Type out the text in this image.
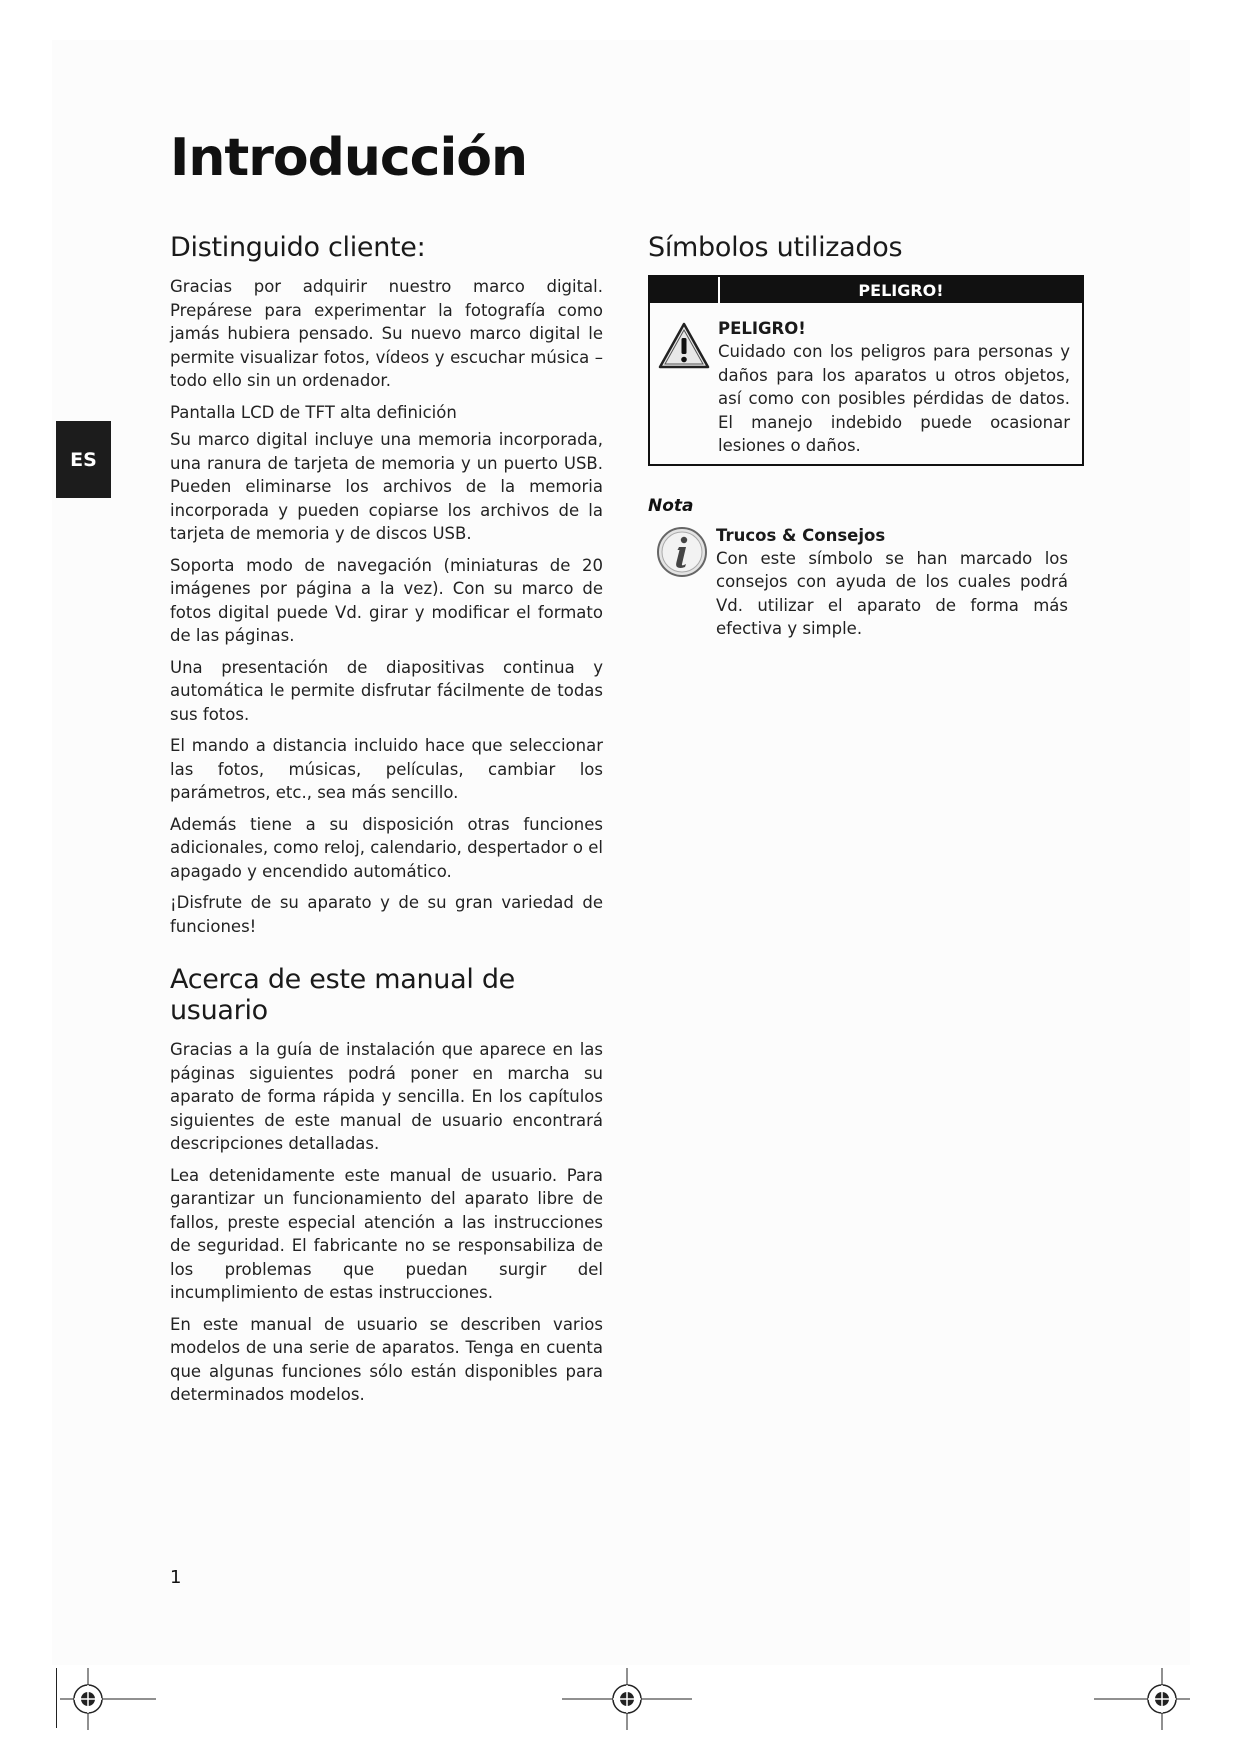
Introducción
ES
Distinguido cliente:

Gracias por adquirir nuestro marco digital. Prepárese para experimentar la fotografía como jamás hubiera pensado. Su nuevo marco digital le permite visualizar fotos, vídeos y escuchar música – todo ello sin un ordenador.

Pantalla LCD de TFT alta definición

Su marco digital incluye una memoria incorporada, una ranura de tarjeta de memoria y un puerto USB. Pueden eliminarse los archivos de la memoria incorporada y pueden copiarse los archivos de la tarjeta de memoria y de discos USB.

Soporta modo de navegación (miniaturas de 20 imágenes por página a la vez). Con su marco de fotos digital puede Vd. girar y modificar el formato de las páginas.

Una presentación de diapositivas continua y automática le permite disfrutar fácilmente de todas sus fotos.

El mando a distancia incluido hace que seleccionar las fotos, músicas, películas, cambiar los parámetros, etc., sea más sencillo.

Además tiene a su disposición otras funciones adicionales, como reloj, calendario, despertador o el apagado y encendido automático.

¡Disfrute de su aparato y de su gran variedad de funciones!

Acerca de este manual de usuario

Gracias a la guía de instalación que aparece en las páginas siguientes podrá poner en marcha su aparato de forma rápida y sencilla. En los capítulos siguientes de este manual de usuario encontrará descripciones detalladas.

Lea detenidamente este manual de usuario. Para garantizar un funcionamiento del aparato libre de fallos, preste especial atención a las instrucciones de seguridad. El fabricante no se responsabiliza de los problemas que puedan surgir del incumplimiento de estas instrucciones.

En este manual de usuario se describen varios modelos de una serie de aparatos. Tenga en cuenta que algunas funciones sólo están disponibles para determinados modelos.

Símbolos utilizados
PELIGRO!
PELIGRO!

Cuidado con los peligros para personas y daños para los aparatos u otros objetos, así como con posibles pérdidas de datos. El manejo indebido puede ocasionar lesiones o daños.

Nota
Trucos & Consejos

Con este símbolo se han marcado los consejos con ayuda de los cuales podrá Vd. utilizar el aparato de forma más efectiva y simple.

1
